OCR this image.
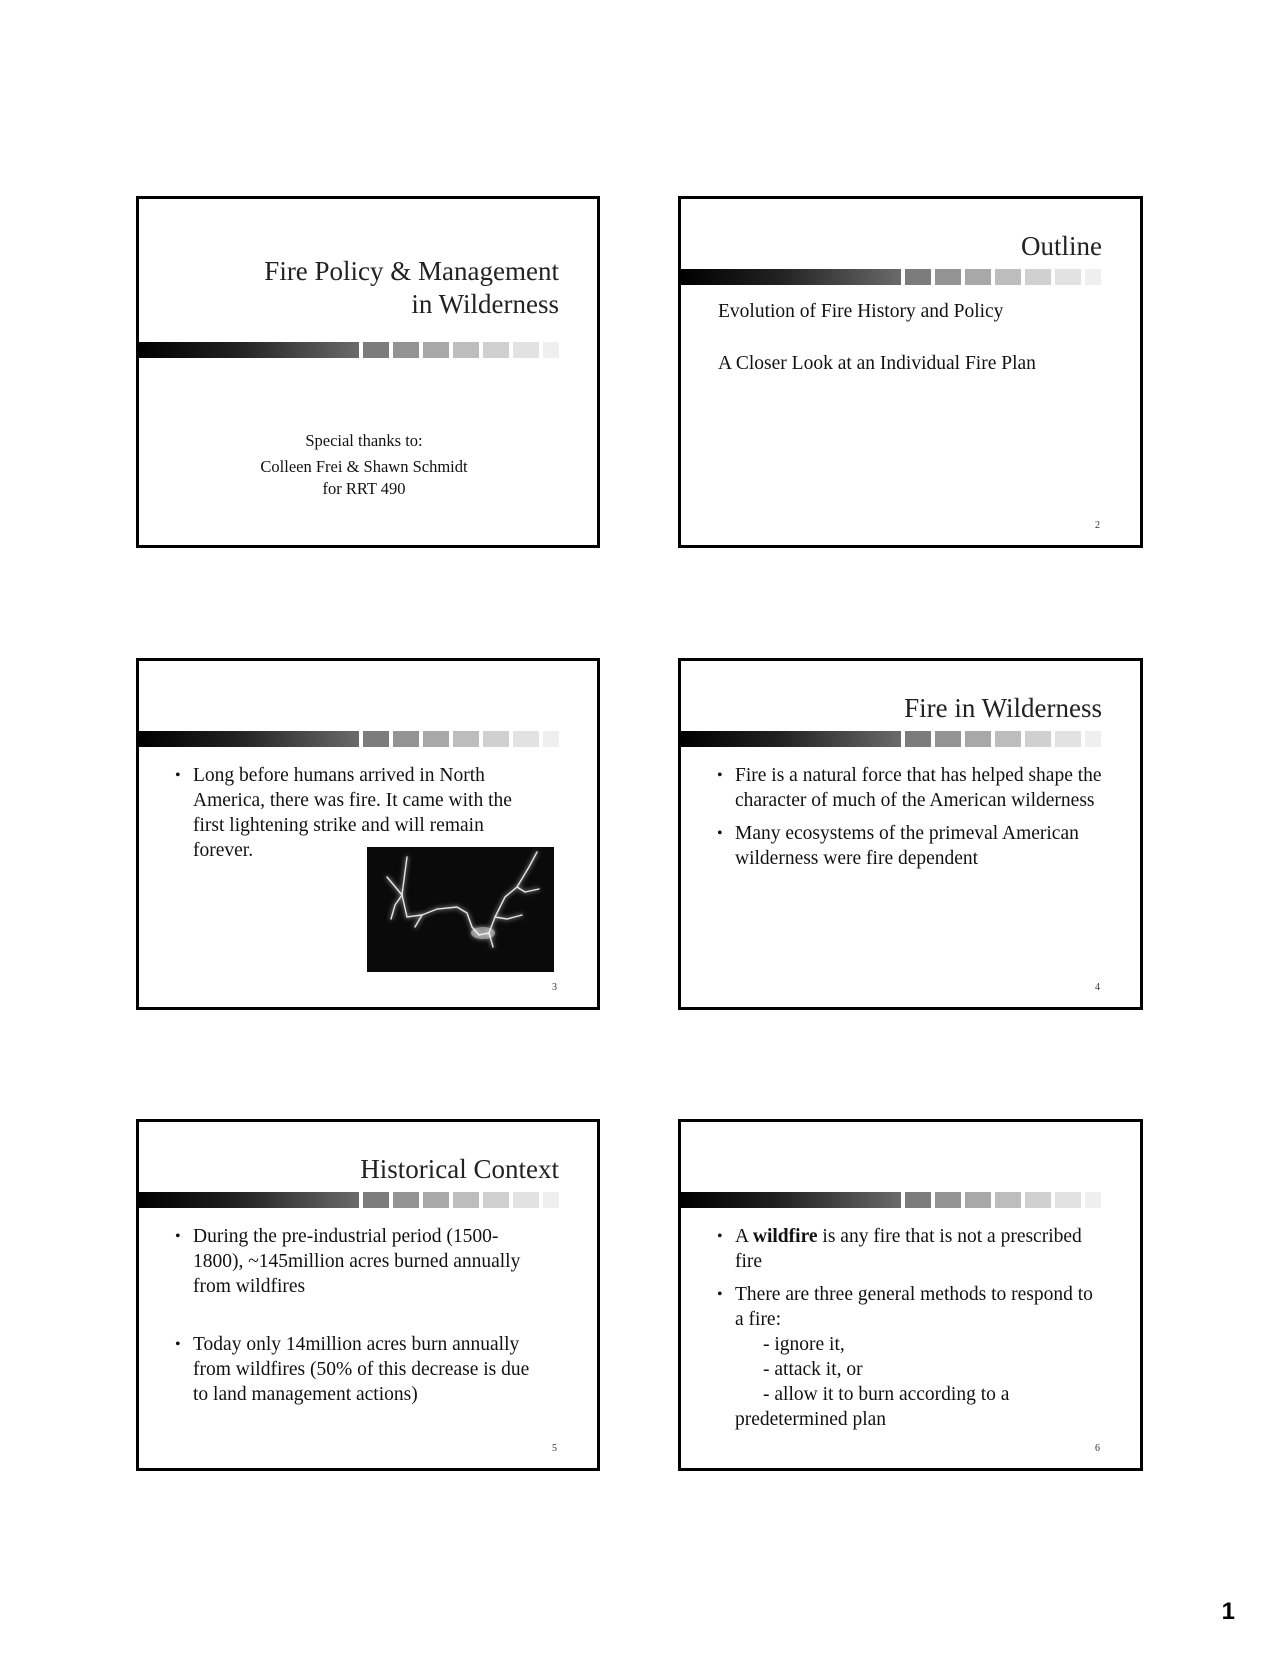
Fire Policy & Management
in Wilderness
Special thanks to:
Colleen Frei & Shawn Schmidt
for RRT 490
Outline
Evolution of Fire History and Policy
A Closer Look at an Individual Fire Plan
2
• Long before humans arrived in North America, there was fire. It came with the first lightening strike and will remain forever.
3
Fire in Wilderness
• Fire is a natural force that has helped shape the character of much of the American wilderness
• Many ecosystems of the primeval American wilderness were fire dependent
4
Historical Context
• During the pre-industrial period (1500-1800), ~145million acres burned annually from wildfires
• Today only 14million acres burn annually from wildfires (50% of this decrease is due to land management actions)
5
• A wildfire is any fire that is not a prescribed fire
• There are three general methods to respond to a fire:
- ignore it,
- attack it, or
- allow it to burn according to a
predetermined plan
6
1
